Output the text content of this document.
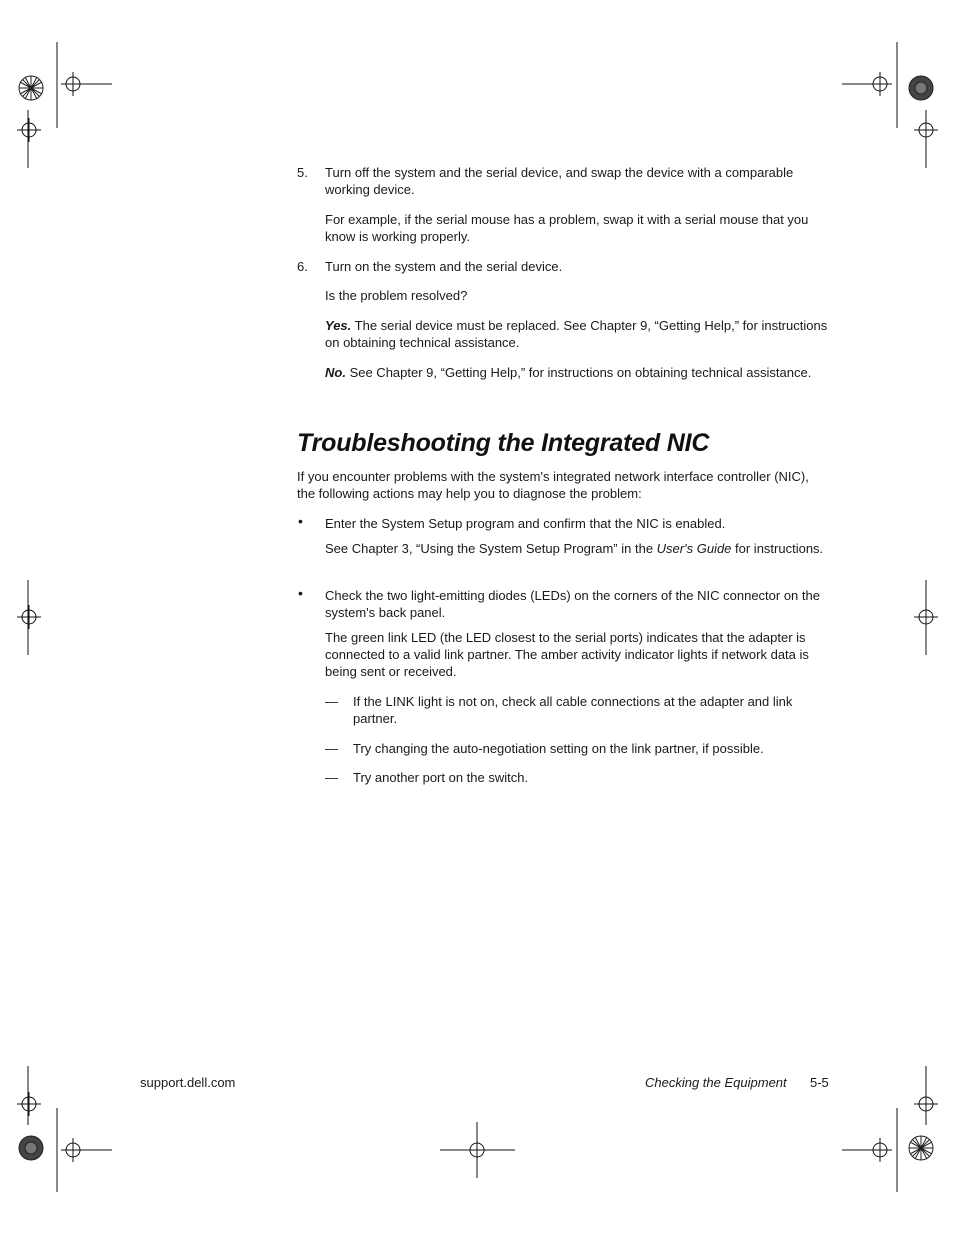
5. Turn off the system and the serial device, and swap the device with a comparable working device.
For example, if the serial mouse has a problem, swap it with a serial mouse that you know is working properly.
6. Turn on the system and the serial device.
Is the problem resolved?
Yes. The serial device must be replaced. See Chapter 9, “Getting Help,” for instructions on obtaining technical assistance.
No. See Chapter 9, “Getting Help,” for instructions on obtaining technical assistance.
Troubleshooting the Integrated NIC
If you encounter problems with the system's integrated network interface controller (NIC), the following actions may help you to diagnose the problem:
• Enter the System Setup program and confirm that the NIC is enabled.
See Chapter 3, “Using the System Setup Program” in the User's Guide for instructions.
• Check the two light-emitting diodes (LEDs) on the corners of the NIC connector on the system's back panel.
The green link LED (the LED closest to the serial ports) indicates that the adapter is connected to a valid link partner. The amber activity indicator lights if network data is being sent or received.
— If the LINK light is not on, check all cable connections at the adapter and link partner.
— Try changing the auto-negotiation setting on the link partner, if possible.
— Try another port on the switch.
support.dell.com	Checking the Equipment 5-5
